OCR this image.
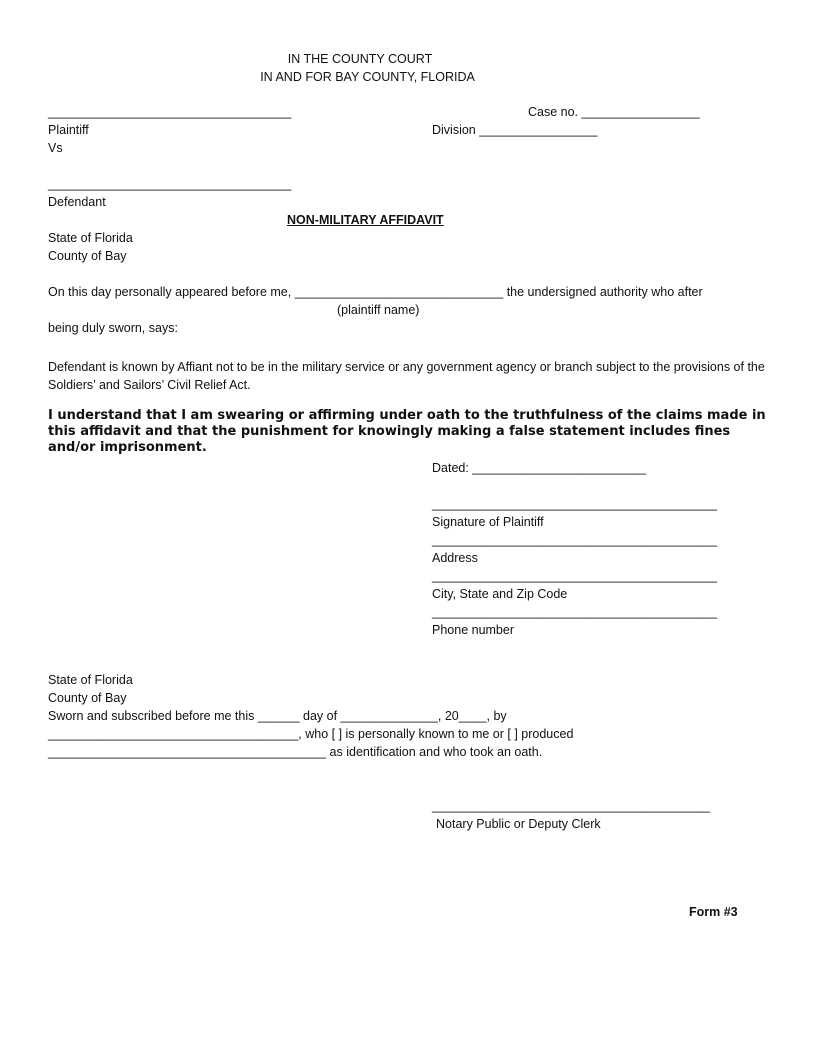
IN THE COUNTY COURT
IN AND FOR BAY COUNTY, FLORIDA
___________________________________	Case no. _________________
Plaintiff	Division _________________
Vs
___________________________________
Defendant
NON-MILITARY AFFIDAVIT
State of Florida
County of Bay
On this day personally appeared before me, ______________________________ the undersigned authority who after
(plaintiff name)
being duly sworn, says:
Defendant is known by Affiant not to be in the military service or any government agency or branch subject to the provisions of the Soldiers’ and Sailors’ Civil Relief Act.
I understand that I am swearing or affirming under oath to the truthfulness of the claims made in this affidavit and that the punishment for knowingly making a false statement includes fines and/or imprisonment.
Dated: _________________________
_________________________________________
Signature of Plaintiff
_________________________________________
Address
_________________________________________
City, State and Zip Code
_________________________________________
Phone number
State of Florida
County of Bay
Sworn and subscribed before me this ______ day of ______________, 20____, by
____________________________________, who [ ] is personally known to me or [ ] produced
________________________________________ as identification and who took an oath.
________________________________________
Notary Public or Deputy Clerk
Form #3
